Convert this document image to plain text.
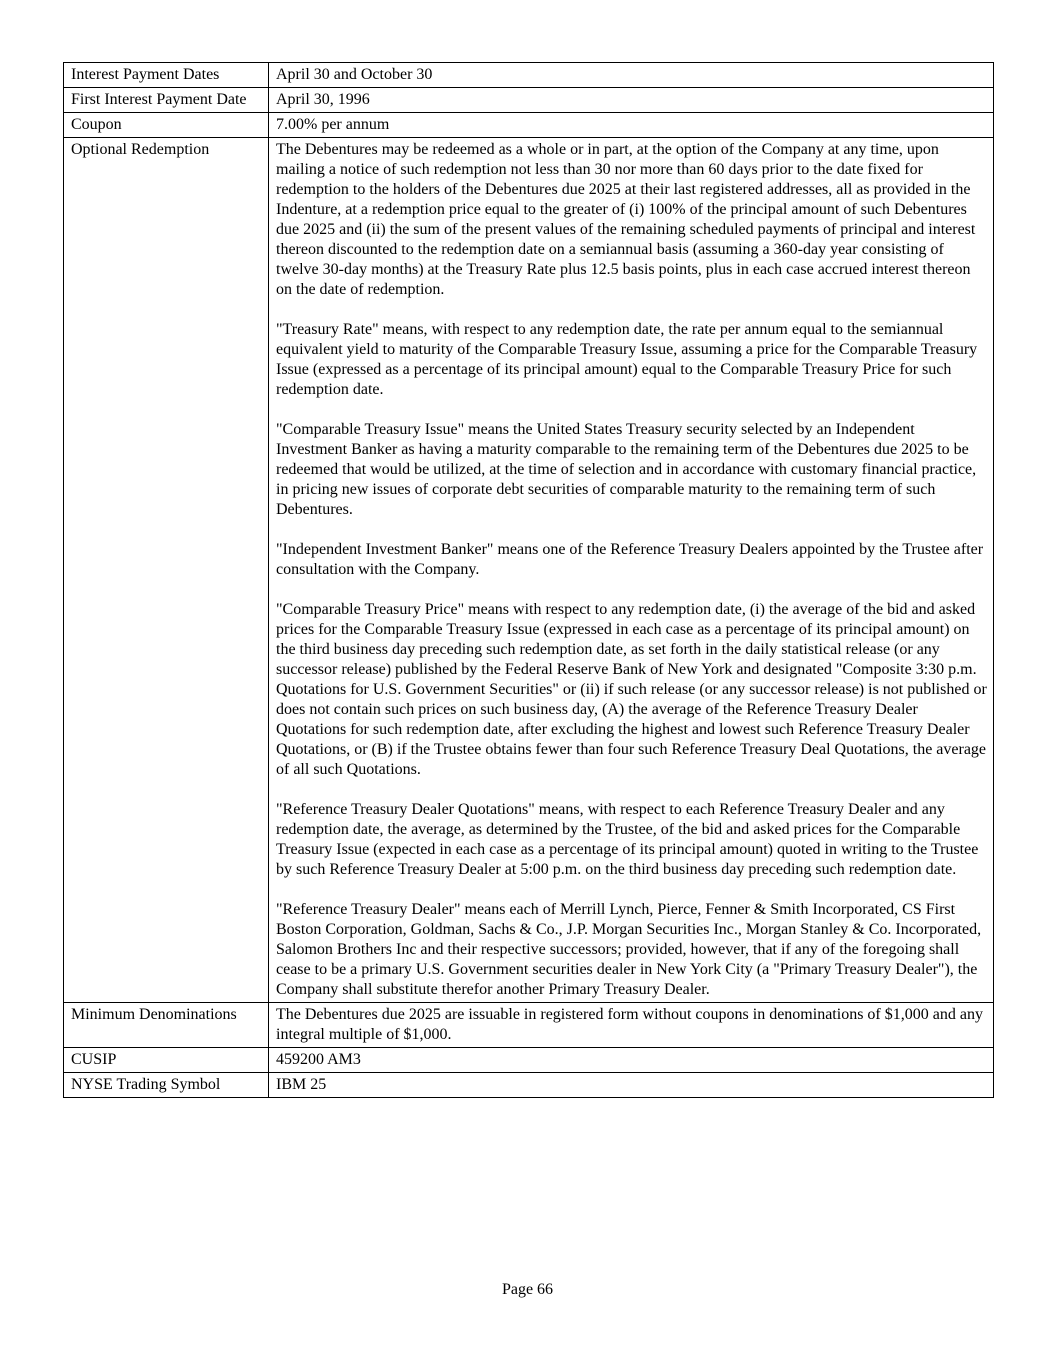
Interest Payment Dates	April 30 and October 30
First Interest Payment Date	April 30, 1996
Coupon	7.00% per annum
Optional Redemption	The Debentures may be redeemed as a whole or in part, at the option of the Company at any time, upon mailing a notice of such redemption not less than 30 nor more than 60 days prior to the date fixed for redemption to the holders of the Debentures due 2025 at their last registered addresses, all as provided in the Indenture, at a redemption price equal to the greater of (i) 100% of the principal amount of such Debentures due 2025 and (ii) the sum of the present values of the remaining scheduled payments of principal and interest thereon discounted to the redemption date on a semiannual basis (assuming a 360-day year consisting of twelve 30-day months) at the Treasury Rate plus 12.5 basis points, plus in each case accrued interest thereon on the date of redemption.

"Treasury Rate" means, with respect to any redemption date, the rate per annum equal to the semiannual equivalent yield to maturity of the Comparable Treasury Issue, assuming a price for the Comparable Treasury Issue (expressed as a percentage of its principal amount) equal to the Comparable Treasury Price for such redemption date.

"Comparable Treasury Issue" means the United States Treasury security selected by an Independent Investment Banker as having a maturity comparable to the remaining term of the Debentures due 2025 to be redeemed that would be utilized, at the time of selection and in accordance with customary financial practice, in pricing new issues of corporate debt securities of comparable maturity to the remaining term of such Debentures.

"Independent Investment Banker" means one of the Reference Treasury Dealers appointed by the Trustee after consultation with the Company.

"Comparable Treasury Price" means with respect to any redemption date, (i) the average of the bid and asked prices for the Comparable Treasury Issue (expressed in each case as a percentage of its principal amount) on the third business day preceding such redemption date, as set forth in the daily statistical release (or any successor release) published by the Federal Reserve Bank of New York and designated "Composite 3:30 p.m. Quotations for U.S. Government Securities" or (ii) if such release (or any successor release) is not published or does not contain such prices on such business day, (A) the average of the Reference Treasury Dealer Quotations for such redemption date, after excluding the highest and lowest such Reference Treasury Dealer Quotations, or (B) if the Trustee obtains fewer than four such Reference Treasury Deal Quotations, the average of all such Quotations.

"Reference Treasury Dealer Quotations" means, with respect to each Reference Treasury Dealer and any redemption date, the average, as determined by the Trustee, of the bid and asked prices for the Comparable Treasury Issue (expected in each case as a percentage of its principal amount) quoted in writing to the Trustee by such Reference Treasury Dealer at 5:00 p.m. on the third business day preceding such redemption date.

"Reference Treasury Dealer" means each of Merrill Lynch, Pierce, Fenner & Smith Incorporated, CS First Boston Corporation, Goldman, Sachs & Co., J.P. Morgan Securities Inc., Morgan Stanley & Co. Incorporated, Salomon Brothers Inc and their respective successors; provided, however, that if any of the foregoing shall cease to be a primary U.S. Government securities dealer in New York City (a "Primary Treasury Dealer"), the Company shall substitute therefor another Primary Treasury Dealer.

Minimum Denominations	The Debentures due 2025 are issuable in registered form without coupons in denominations of $1,000 and any integral multiple of $1,000.
CUSIP	459200 AM3
NYSE Trading Symbol	IBM 25
Page 66
